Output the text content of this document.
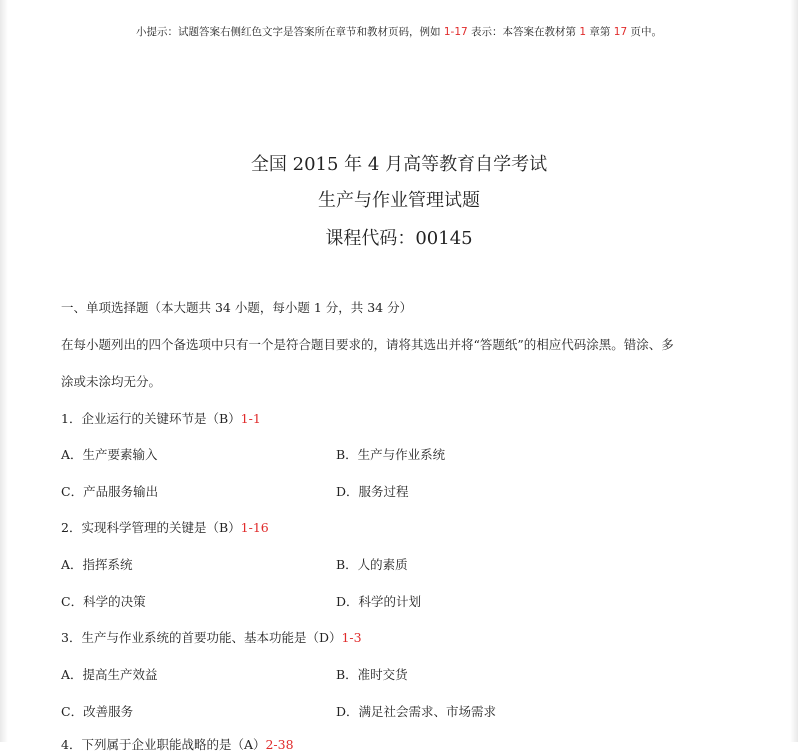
小提示：试题答案右侧红色文字是答案所在章节和教材页码，例如 1-17 表示：本答案在教材第 1 章第 17 页中。
全国 2015 年 4 月高等教育自学考试
生产与作业管理试题
课程代码：00145
一、单项选择题（本大题共 34 小题，每小题 1 分，共 34 分）
在每小题列出的四个备选项中只有一个是符合题目要求的，请将其选出并将“答题纸”的相应代码涂黑。错涂、多
涂或未涂均无分。
1．企业运行的关键环节是（B）1-1
A．生产要素输入	B．生产与作业系统
C．产品服务输出	D．服务过程
2．实现科学管理的关键是（B）1-16
A．指挥系统	B．人的素质
C．科学的决策	D．科学的计划
3．生产与作业系统的首要功能、基本功能是（D）1-3
A．提高生产效益	B．准时交货
C．改善服务	D．满足社会需求、市场需求
4．下列属于企业职能战略的是（A）2-38
